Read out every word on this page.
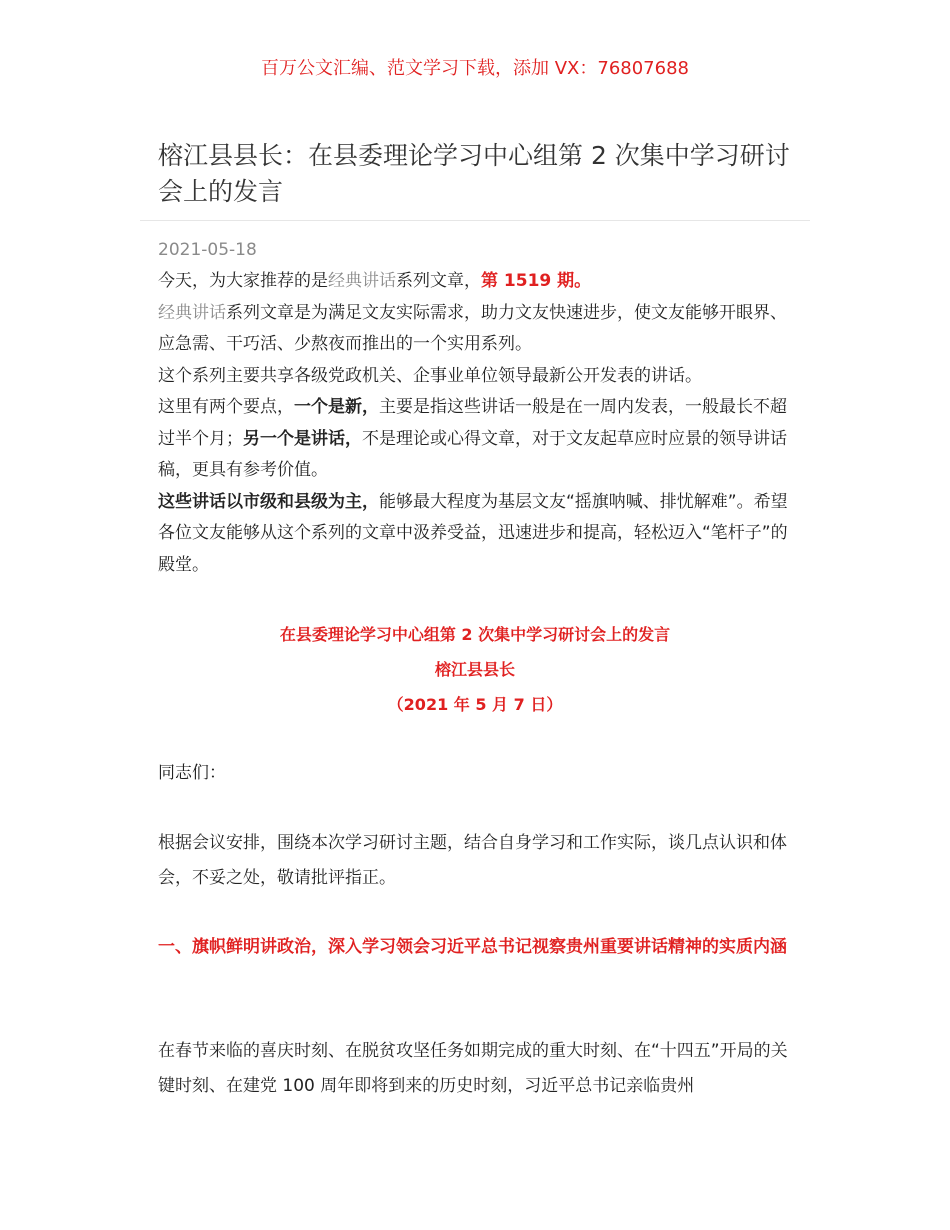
百万公文汇编、范文学习下载，添加 VX：76807688
榕江县县长：在县委理论学习中心组第 2 次集中学习研讨会上的发言
2021-05-18

今天，为大家推荐的是经典讲话系列文章，第 1519 期。

经典讲话系列文章是为满足文友实际需求，助力文友快速进步，使文友能够开眼界、应急需、干巧活、少熬夜而推出的一个实用系列。

这个系列主要共享各级党政机关、企事业单位领导最新公开发表的讲话。

这里有两个要点，一个是新，主要是指这些讲话一般是在一周内发表，一般最长不超过半个月；另一个是讲话，不是理论或心得文章，对于文友起草应时应景的领导讲话稿，更具有参考价值。

这些讲话以市级和县级为主，能够最大程度为基层文友“摇旗呐喊、排忧解难”。希望各位文友能够从这个系列的文章中汲养受益，迅速进步和提高，轻松迈入“笔杆子”的殿堂。

在县委理论学习中心组第 2 次集中学习研讨会上的发言
榕江县县长
（2021 年 5 月 7 日）

同志们：

根据会议安排，围绕本次学习研讨主题，结合自身学习和工作实际，谈几点认识和体会，不妥之处，敬请批评指正。

一、旗帜鲜明讲政治，深入学习领会习近平总书记视察贵州重要讲话精神的实质内涵

在春节来临的喜庆时刻、在脱贫攻坚任务如期完成的重大时刻、在“十四五”开局的关键时刻、在建党 100 周年即将到来的历史时刻，习近平总书记亲临贵州
